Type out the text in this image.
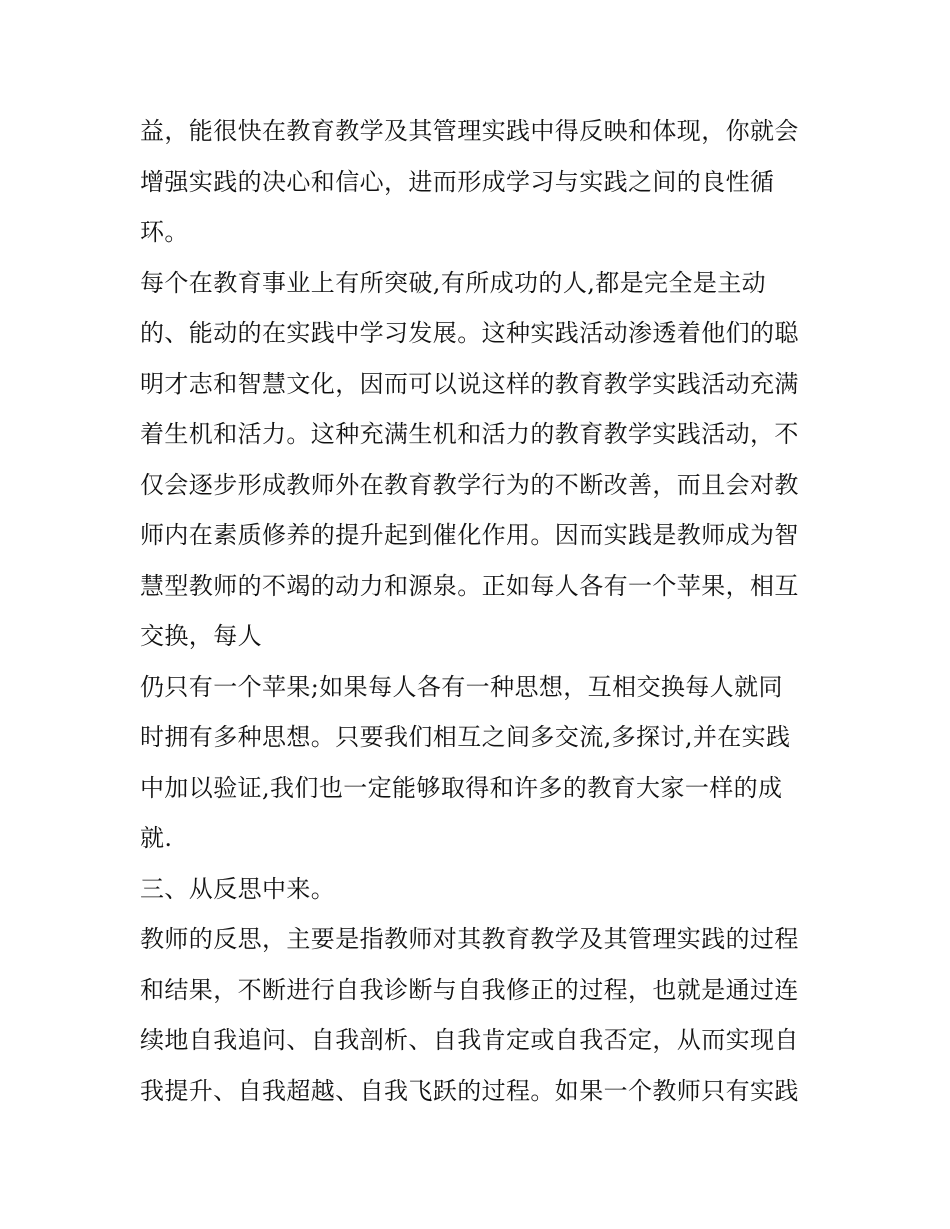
益，能很快在教育教学及其管理实践中得反映和体现，你就会
增强实践的决心和信心，进而形成学习与实践之间的良性循
环。
每个在教育事业上有所突破,有所成功的人,都是完全是主动
的、能动的在实践中学习发展。这种实践活动渗透着他们的聪
明才志和智慧文化，因而可以说这样的教育教学实践活动充满
着生机和活力。这种充满生机和活力的教育教学实践活动，不
仅会逐步形成教师外在教育教学行为的不断改善，而且会对教
师内在素质修养的提升起到催化作用。因而实践是教师成为智
慧型教师的不竭的动力和源泉。正如每人各有一个苹果，相互
交换，每人
仍只有一个苹果;如果每人各有一种思想，互相交换每人就同
时拥有多种思想。只要我们相互之间多交流,多探讨,并在实践
中加以验证,我们也一定能够取得和许多的教育大家一样的成
就.
三、从反思中来。
教师的反思，主要是指教师对其教育教学及其管理实践的过程
和结果，不断进行自我诊断与自我修正的过程，也就是通过连
续地自我追问、自我剖析、自我肯定或自我否定，从而实现自
我提升、自我超越、自我飞跃的过程。如果一个教师只有实践
